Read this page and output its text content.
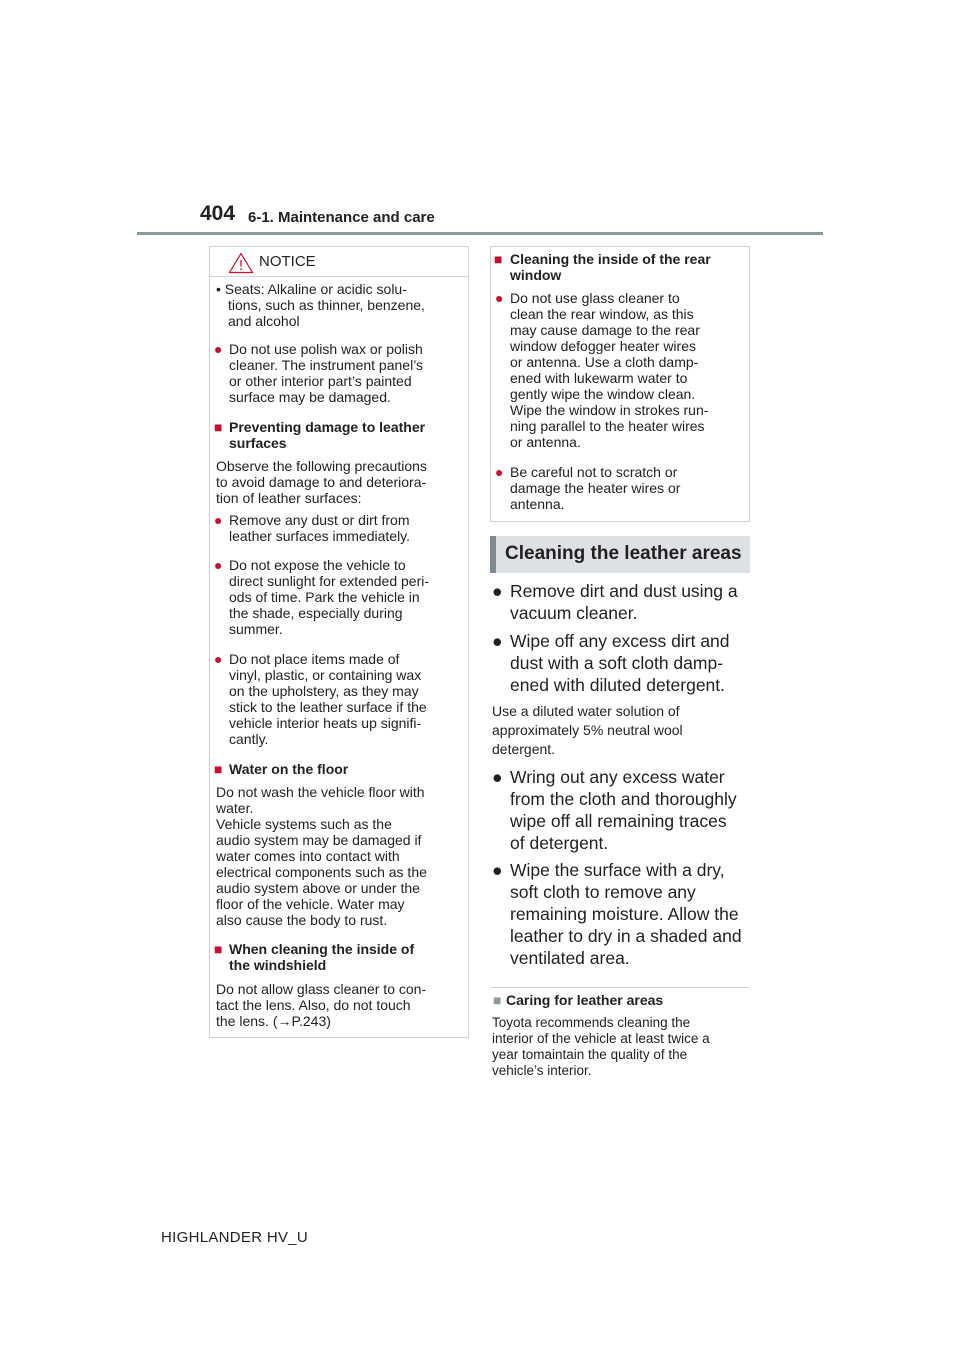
404 6-1. Maintenance and care
NOTICE
• Seats: Alkaline or acidic solu-
tions, such as thinner, benzene,
and alcohol
● Do not use polish wax or polish
cleaner. The instrument panel’s
or other interior part’s painted
surface may be damaged.
■ Preventing damage to leather
surfaces
Observe the following precautions
to avoid damage to and deteriora-
tion of leather surfaces:
● Remove any dust or dirt from
leather surfaces immediately.
● Do not expose the vehicle to
direct sunlight for extended peri-
ods of time. Park the vehicle in
the shade, especially during
summer.
● Do not place items made of
vinyl, plastic, or containing wax
on the upholstery, as they may
stick to the leather surface if the
vehicle interior heats up signifi-
cantly.
■ Water on the floor
Do not wash the vehicle floor with
water.
Vehicle systems such as the
audio system may be damaged if
water comes into contact with
electrical components such as the
audio system above or under the
floor of the vehicle. Water may
also cause the body to rust.
■ When cleaning the inside of
the windshield
Do not allow glass cleaner to con-
tact the lens. Also, do not touch
the lens. (→P.243)
■ Cleaning the inside of the rear
window
● Do not use glass cleaner to
clean the rear window, as this
may cause damage to the rear
window defogger heater wires
or antenna. Use a cloth damp-
ened with lukewarm water to
gently wipe the window clean.
Wipe the window in strokes run-
ning parallel to the heater wires
or antenna.
● Be careful not to scratch or
damage the heater wires or
antenna.
Cleaning the leather areas
● Remove dirt and dust using a
vacuum cleaner.
● Wipe off any excess dirt and
dust with a soft cloth damp-
ened with diluted detergent.
Use a diluted water solution of
approximately 5% neutral wool
detergent.
● Wring out any excess water
from the cloth and thoroughly
wipe off all remaining traces
of detergent.
● Wipe the surface with a dry,
soft cloth to remove any
remaining moisture. Allow the
leather to dry in a shaded and
ventilated area.
■ Caring for leather areas
Toyota recommends cleaning the
interior of the vehicle at least twice a
year tomaintain the quality of the
vehicle’s interior.
HIGHLANDER HV_U
